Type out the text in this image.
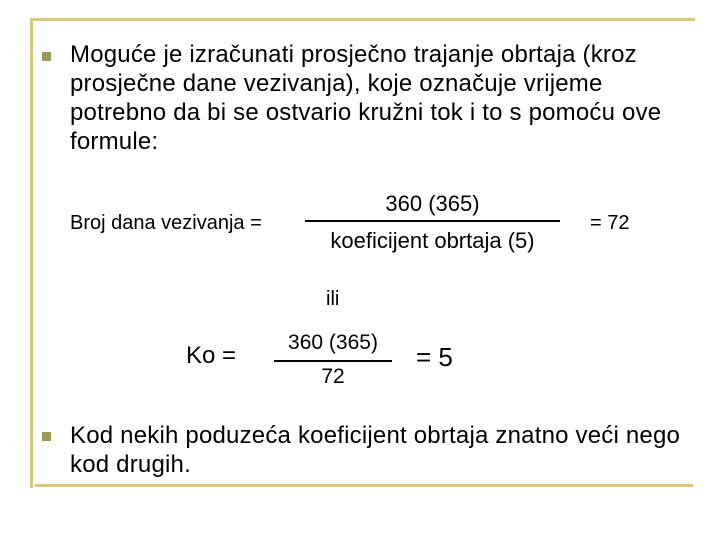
Moguće je izračunati prosječno trajanje obrtaja (kroz prosječne dane vezivanja), koje označuje vrijeme potrebno da bi se ostvario kružni tok i to s pomoću ove formule:
Broj dana vezivanja =
360 (365)
koeficijent obrtaja (5)
= 72
ili
Ko =	360 (365)
72
= 5
Kod nekih poduzeća koeficijent obrtaja znatno veći nego kod drugih.
